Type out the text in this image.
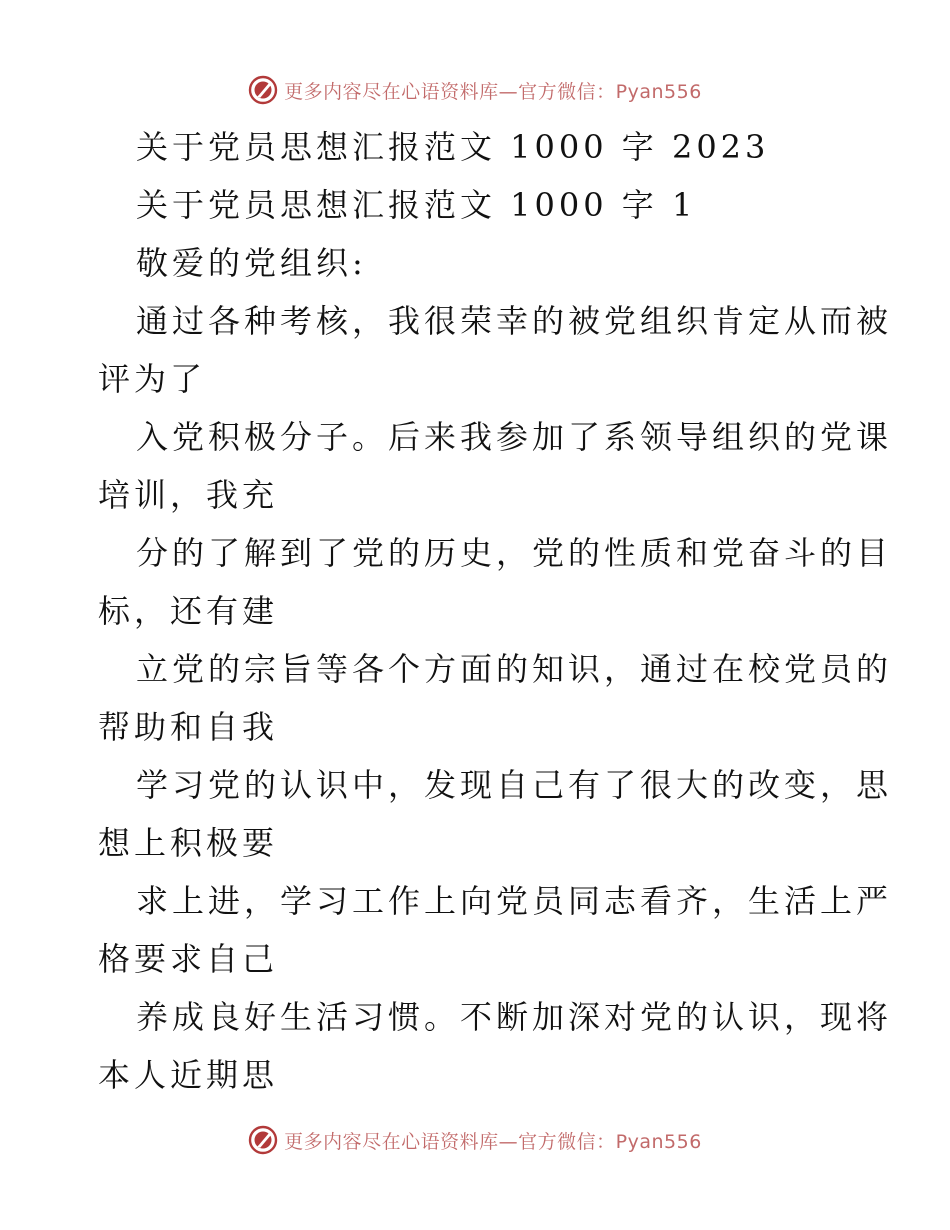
更多内容尽在心语资料库—官方微信：Pyan556

关于党员思想汇报范文 1000 字 2023

关于党员思想汇报范文 1000 字 1

敬爱的党组织:

通过各种考核，我很荣幸的被党组织肯定从而被

评为了

入党积极分子。后来我参加了系领导组织的党课

培训，我充

分的了解到了党的历史，党的性质和党奋斗的目

标，还有建

立党的宗旨等各个方面的知识，通过在校党员的

帮助和自我

学习党的认识中，发现自己有了很大的改变，思

想上积极要

求上进，学习工作上向党员同志看齐，生活上严

格要求自己

养成良好生活习惯。不断加深对党的认识，现将

本人近期思

更多内容尽在心语资料库—官方微信：Pyan556
